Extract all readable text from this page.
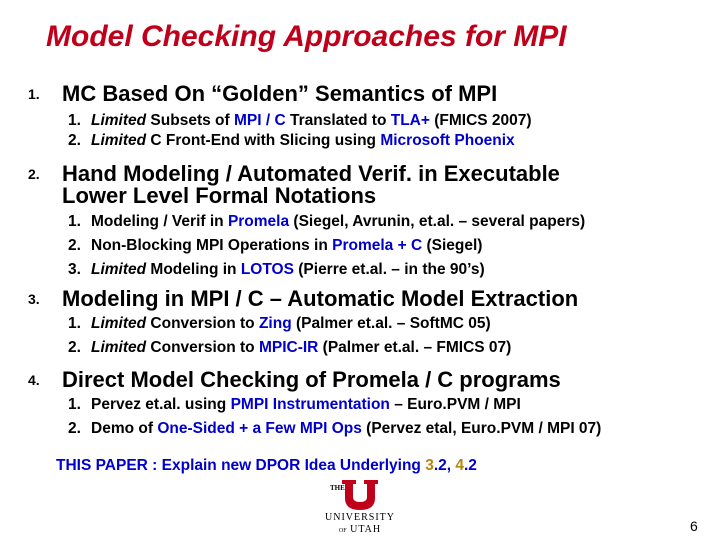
Model Checking Approaches for MPI
1. MC Based On “Golden” Semantics of MPI
1. Limited Subsets of MPI / C Translated to TLA+ (FMICS 2007)
2. Limited C Front-End with Slicing using Microsoft Phoenix
2. Hand Modeling / Automated Verif. in Executable
Lower Level Formal Notations
1. Modeling / Verif in Promela (Siegel, Avrunin, et.al. – several papers)
2. Non-Blocking MPI Operations in Promela + C (Siegel)
3. Limited Modeling in LOTOS (Pierre et.al. – in the 90’s)
3. Modeling in MPI / C – Automatic Model Extraction
1. Limited Conversion to Zing (Palmer et.al. – SoftMC 05)
2. Limited Conversion to MPIC-IR (Palmer et.al. – FMICS 07)
4. Direct Model Checking of Promela / C programs
1. Pervez et.al. using PMPI Instrumentation – Euro.PVM / MPI
2. Demo of One-Sided + a Few MPI Ops (Pervez etal, Euro.PVM / MPI 07)
THIS PAPER : Explain new DPOR Idea Underlying 3.2, 4.2
THE
UNIVERSITY
OF UTAH	6
